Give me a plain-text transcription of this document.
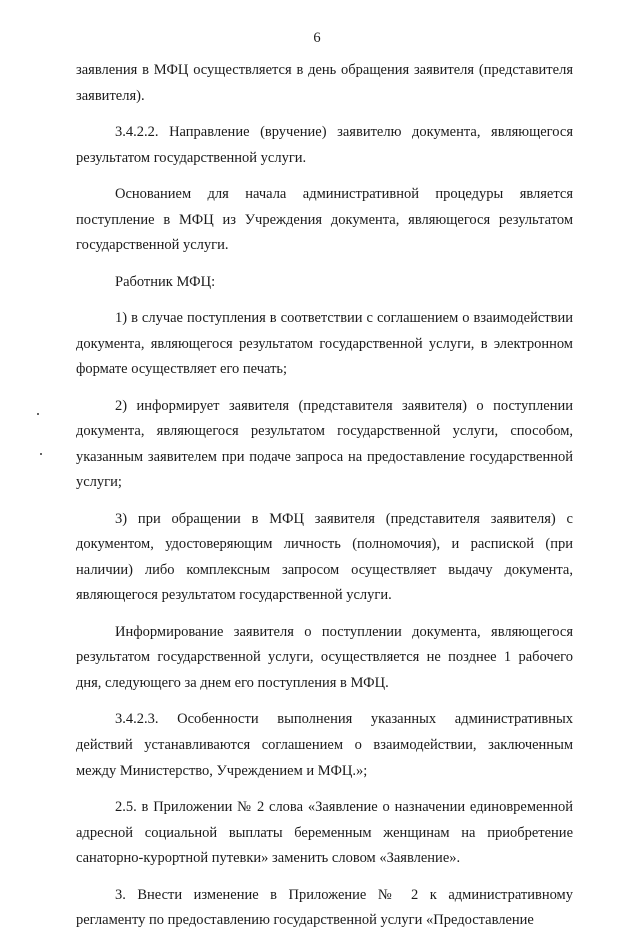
6

заявления в МФЦ осуществляется в день обращения заявителя (представителя заявителя).

3.4.2.2. Направление (вручение) заявителю документа, являющегося результатом государственной услуги.

Основанием для начала административной процедуры является поступление в МФЦ из Учреждения документа, являющегося результатом государственной услуги.

Работник МФЦ:

1) в случае поступления в соответствии с соглашением о взаимодействии документа, являющегося результатом государственной услуги, в электронном формате осуществляет его печать;

2) информирует заявителя (представителя заявителя) о поступлении документа, являющегося результатом государственной услуги, способом, указанным заявителем при подаче запроса на предоставление государственной услуги;

3) при обращении в МФЦ заявителя (представителя заявителя) с документом, удостоверяющим личность (полномочия), и распиской (при наличии) либо комплексным запросом осуществляет выдачу документа, являющегося результатом государственной услуги.

Информирование заявителя о поступлении документа, являющегося результатом государственной услуги, осуществляется не позднее 1 рабочего дня, следующего за днем его поступления в МФЦ.

3.4.2.3. Особенности выполнения указанных административных действий устанавливаются соглашением о взаимодействии, заключенным между Министерство, Учреждением и МФЦ.»;

2.5. в Приложении № 2 слова «Заявление о назначении единовременной адресной социальной выплаты беременным женщинам на приобретение санаторно-курортной путевки» заменить словом «Заявление».

3. Внести изменение в Приложение № 2 к административному регламенту по предоставлению государственной услуги «Предоставление
